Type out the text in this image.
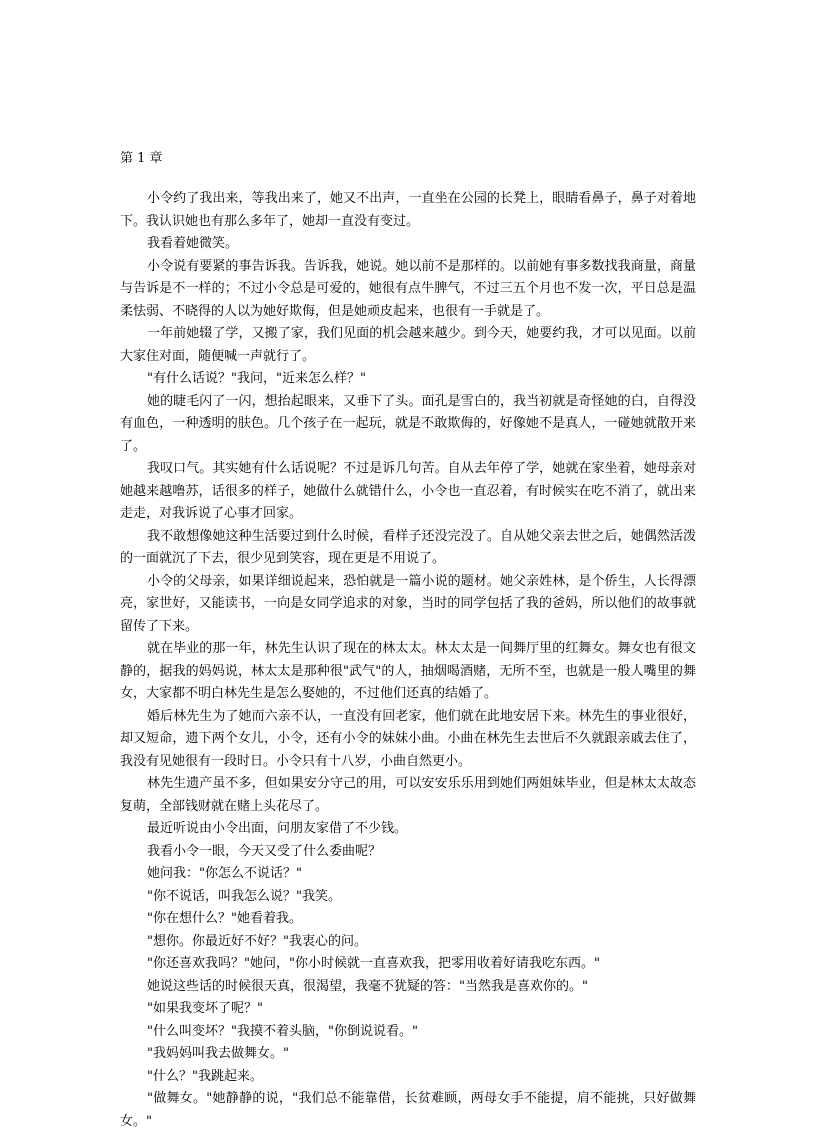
第 1 章

小令约了我出来，等我出来了，她又不出声，一直坐在公园的长凳上，眼睛看鼻子，鼻子对着地下。我认识她也有那么多年了，她却一直没有变过。

我看着她微笑。

小令说有要紧的事告诉我。告诉我，她说。她以前不是那样的。以前她有事多数找我商量，商量与告诉是不一样的；不过小令总是可爱的，她很有点牛脾气，不过三五个月也不发一次，平日总是温柔怯弱、不晓得的人以为她好欺侮，但是她顽皮起来，也很有一手就是了。

一年前她辍了学，又搬了家，我们见面的机会越来越少。到今天，她要约我，才可以见面。以前大家住对面，随便喊一声就行了。

"有什么话说？"我问，"近来怎么样？"

她的睫毛闪了一闪，想抬起眼来，又垂下了头。面孔是雪白的，我当初就是奇怪她的白，自得没有血色，一种透明的肤色。几个孩子在一起玩，就是不敢欺侮的，好像她不是真人，一碰她就散开来了。

我叹口气。其实她有什么话说呢？不过是诉几句苦。自从去年停了学，她就在家坐着，她母亲对她越来越噜苏，话很多的样子，她做什么就错什么，小令也一直忍着，有时候实在吃不消了，就出来走走，对我诉说了心事才回家。

我不敢想像她这种生活要过到什么时候，看样子还没完没了。自从她父亲去世之后，她偶然活泼的一面就沉了下去，很少见到笑容，现在更是不用说了。

小令的父母亲，如果详细说起来，恐怕就是一篇小说的题材。她父亲姓林，是个侨生，人长得漂亮，家世好，又能读书，一向是女同学追求的对象，当时的同学包括了我的爸妈，所以他们的故事就留传了下来。

就在毕业的那一年，林先生认识了现在的林太太。林太太是一间舞厅里的红舞女。舞女也有很文静的，据我的妈妈说，林太太是那种很"武气"的人，抽烟喝酒赌，无所不至，也就是一般人嘴里的舞女，大家都不明白林先生是怎么娶她的，不过他们还真的结婚了。

婚后林先生为了她而六亲不认，一直没有回老家，他们就在此地安居下来。林先生的事业很好，却又短命，遗下两个女儿，小令，还有小令的妹妹小曲。小曲在林先生去世后不久就跟亲戚去住了，我没有见她很有一段时日。小令只有十八岁，小曲自然更小。

林先生遗产虽不多，但如果安分守己的用，可以安安乐乐用到她们两姐妹毕业，但是林太太故态复萌，全部钱财就在赌上头花尽了。

最近听说由小令出面，问朋友家借了不少钱。

我看小令一眼，今天又受了什么委曲呢？

她问我："你怎么不说话？"

"你不说话，叫我怎么说？"我笑。

"你在想什么？"她看着我。

"想你。你最近好不好？"我衷心的问。

"你还喜欢我吗？"她问，"你小时候就一直喜欢我，把零用收着好请我吃东西。"

她说这些话的时候很天真，很渴望，我毫不犹疑的答："当然我是喜欢你的。"

"如果我变坏了呢？"

"什么叫变坏？"我摸不着头脑，"你倒说说看。"

"我妈妈叫我去做舞女。"

"什么？"我跳起来。

"做舞女。"她静静的说，"我们总不能靠借，长贫难顾，两母女手不能提，肩不能挑，只好做舞女。"
